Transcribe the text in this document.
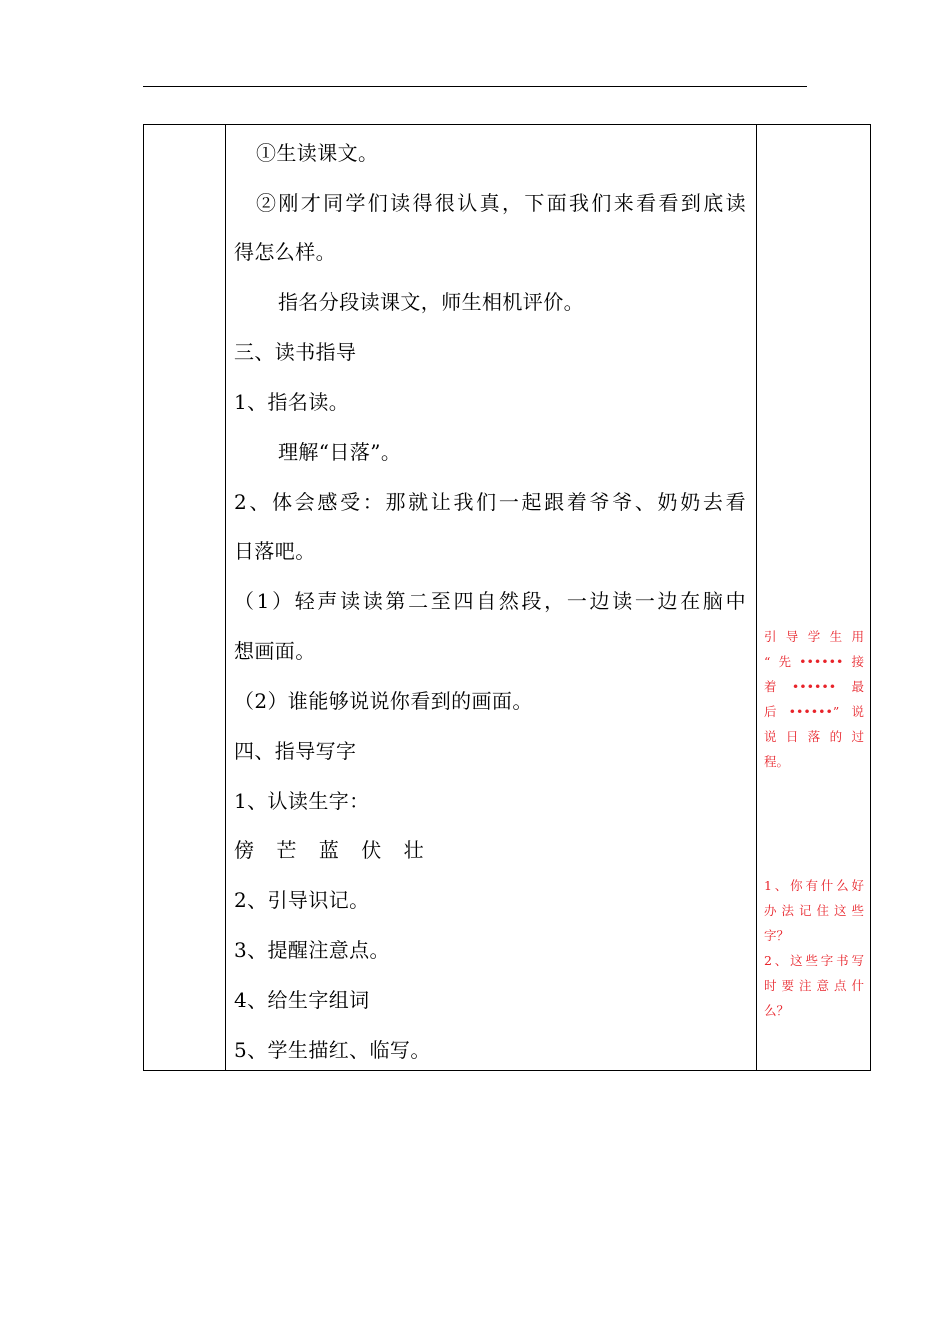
①生读课文。
②刚才同学们读得很认真，下面我们来看看到底读
得怎么样。
指名分段读课文，师生相机评价。
三、读书指导
1、指名读。
理解“日落”。
2、体会感受：那就让我们一起跟着爷爷、奶奶去看
日落吧。
（1）轻声读读第二至四自然段，一边读一边在脑中
想画面。
（2）谁能够说说你看到的画面。
四、指导写字
1、认读生字：
傍 芒 蓝 伏 壮
2、引导识记。
3、提醒注意点。
4、给生字组词
5、学生描红、临写。
引导学生用
“先••••••接
着••••••最
后••••••”说
说日落的过
程。
1、你有什么好
办法记住这些
字？
2、这些字书写
时要注意点什
么？
